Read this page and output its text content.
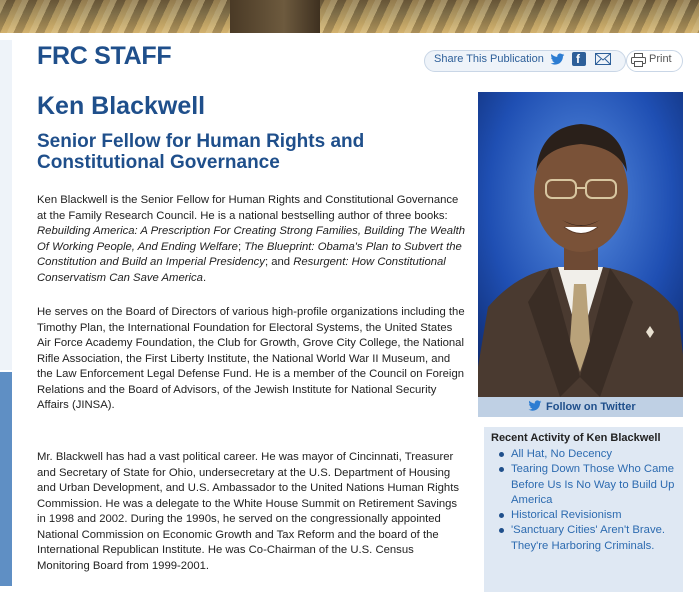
FRC STAFF	Share This Publication	f	Print
Ken Blackwell
Senior Fellow for Human Rights and Constitutional Governance

Ken Blackwell is the Senior Fellow for Human Rights and Constitutional Governance at the Family Research Council. He is a national bestselling author of three books: Rebuilding America: A Prescription For Creating Strong Families, Building The Wealth Of Working People, And Ending Welfare; The Blueprint: Obama's Plan to Subvert the Constitution and Build an Imperial Presidency; and Resurgent: How Constitutional Conservatism Can Save America.

He serves on the Board of Directors of various high-profile organizations including the Timothy Plan, the International Foundation for Electoral Systems, the United States Air Force Academy Foundation, the Club for Growth, Grove City College, the National Rifle Association, the First Liberty Institute, the National World War II Museum, and the Law Enforcement Legal Defense Fund. He is a member of the Council on Foreign Relations and the Board of Advisors, of the Jewish Institute for National Security Affairs (JINSA).

Mr. Blackwell has had a vast political career. He was mayor of Cincinnati, Treasurer and Secretary of State for Ohio, undersecretary at the U.S. Department of Housing and Urban Development, and U.S. Ambassador to the United Nations Human Rights Commission. He was a delegate to the White House Summit on Retirement Savings in 1998 and 2002. During the 1990s, he served on the congressionally appointed National Commission on Economic Growth and Tax Reform and the board of the International Republican Institute. He was Co-Chairman of the U.S. Census Monitoring Board from 1999-2001.

Follow on Twitter
Recent Activity of Ken Blackwell
All Hat, No Decency
Tearing Down Those Who Came Before Us Is No Way to Build Up America
Historical Revisionism
'Sanctuary Cities' Aren't Brave. They're Harboring Criminals.
